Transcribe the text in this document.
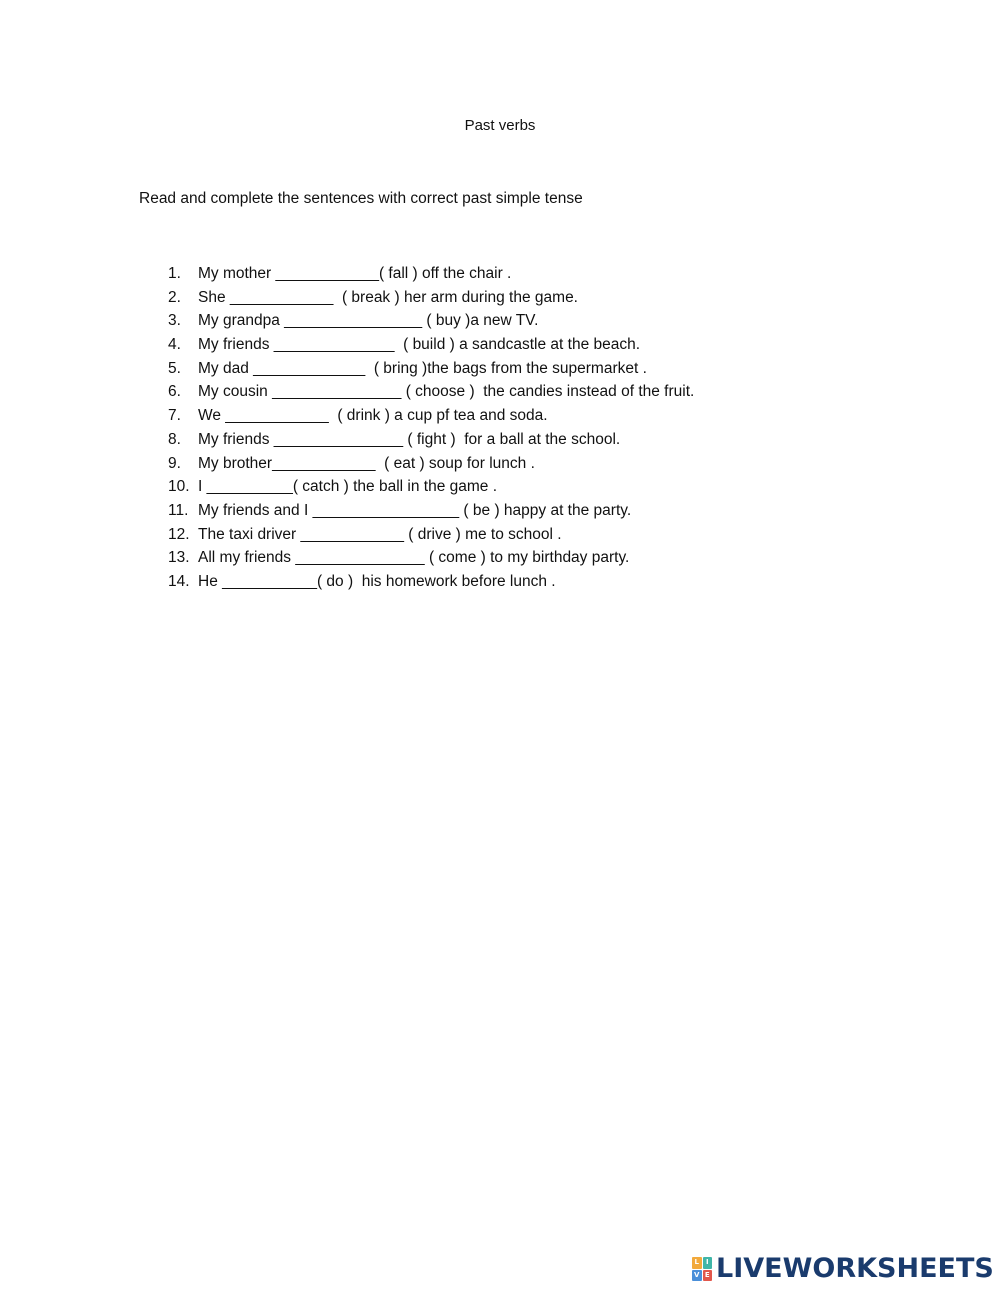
Past verbs
Read and complete the sentences with correct past simple tense
1.	My mother ____________( fall ) off the chair .
2.	She ____________  ( break ) her arm during the game.
3.	My grandpa ________________ ( buy )a new TV.
4.	My friends ______________  ( build ) a sandcastle at the beach.
5.	My dad _____________  ( bring )the bags from the supermarket .
6.	My cousin _______________ ( choose )  the candies instead of the fruit.
7.	We ____________  ( drink ) a cup pf tea and soda.
8.	My friends _______________ ( fight )  for a ball at the school.
9.	My brother____________  ( eat ) soup for lunch .
10. I __________( catch ) the ball in the game .
11. My friends and I _________________ ( be ) happy at the party.
12. The taxi driver ____________ ( drive ) me to school .
13. All my friends _______________ ( come ) to my birthday party.
14. He ___________( do )  his homework before lunch .
L I
V E LIVEWORKSHEETS
